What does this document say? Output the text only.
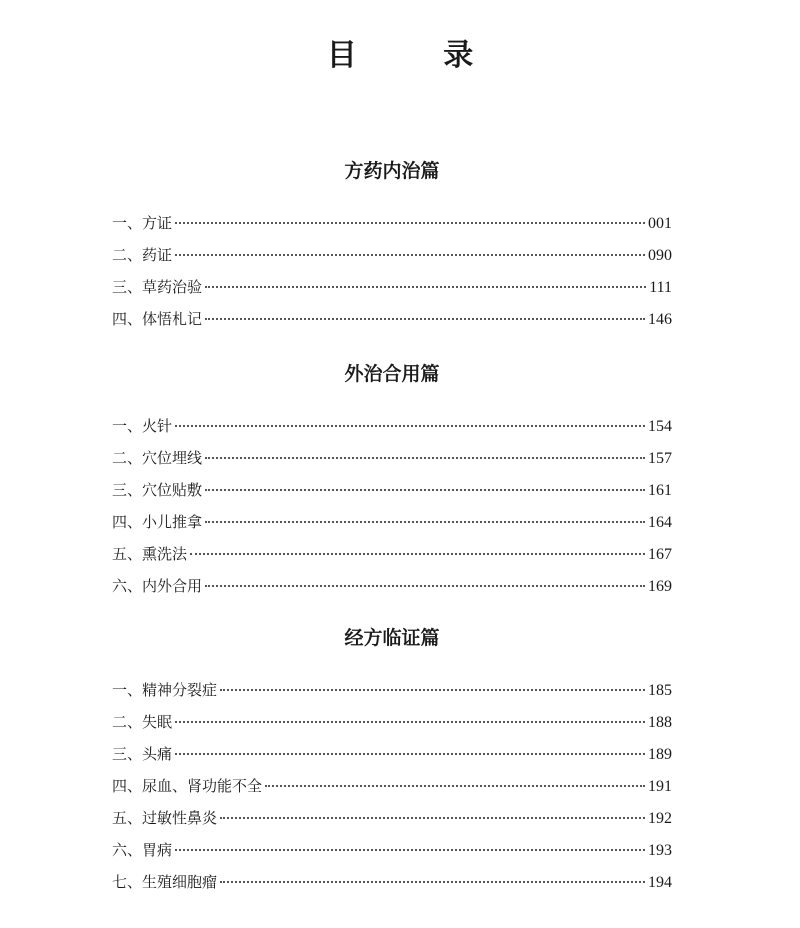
目 录
方药内治篇
一、方证	001
二、药证	090
三、草药治验	111
四、体悟札记	146
外治合用篇
一、火针	154
二、穴位埋线	157
三、穴位贴敷	161
四、小儿推拿	164
五、熏洗法	167
六、内外合用	169
经方临证篇
一、精神分裂症	185
二、失眠	188
三、头痛	189
四、尿血、肾功能不全	191
五、过敏性鼻炎	192
六、胃病	193
七、生殖细胞瘤	194
